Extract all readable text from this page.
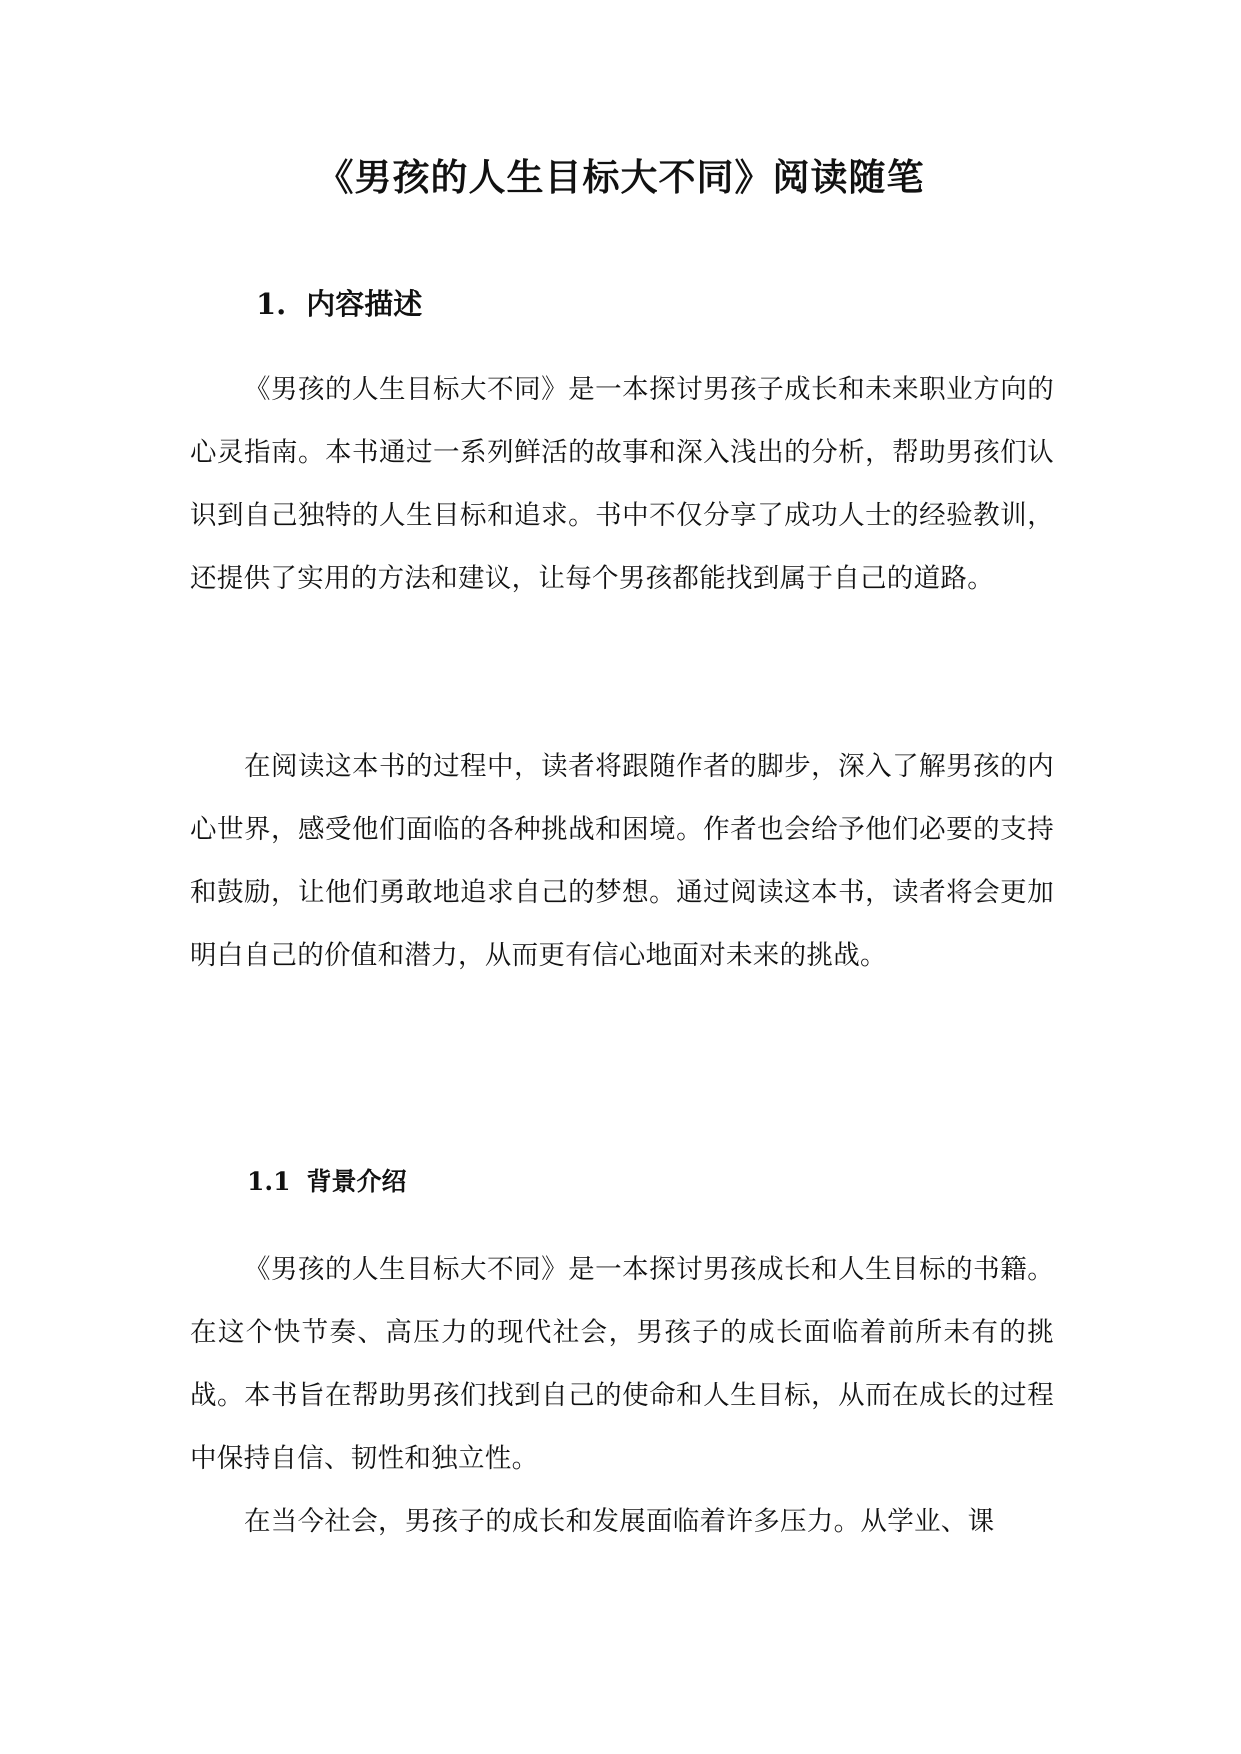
《男孩的人生目标大不同》阅读随笔
1. 内容描述

《男孩的人生目标大不同》是一本探讨男孩子成长和未来职业方向的心灵指南。本书通过一系列鲜活的故事和深入浅出的分析，帮助男孩们认识到自己独特的人生目标和追求。书中不仅分享了成功人士的经验教训，还提供了实用的方法和建议，让每个男孩都能找到属于自己的道路。

在阅读这本书的过程中，读者将跟随作者的脚步，深入了解男孩的内心世界，感受他们面临的各种挑战和困境。作者也会给予他们必要的支持和鼓励，让他们勇敢地追求自己的梦想。通过阅读这本书，读者将会更加明白自己的价值和潜力，从而更有信心地面对未来的挑战。

1.1 背景介绍

《男孩的人生目标大不同》是一本探讨男孩成长和人生目标的书籍。在这个快节奏、高压力的现代社会，男孩子的成长面临着前所未有的挑战。本书旨在帮助男孩们找到自己的使命和人生目标，从而在成长的过程中保持自信、韧性和独立性。

在当今社会，男孩子的成长和发展面临着许多压力。从学业、课
